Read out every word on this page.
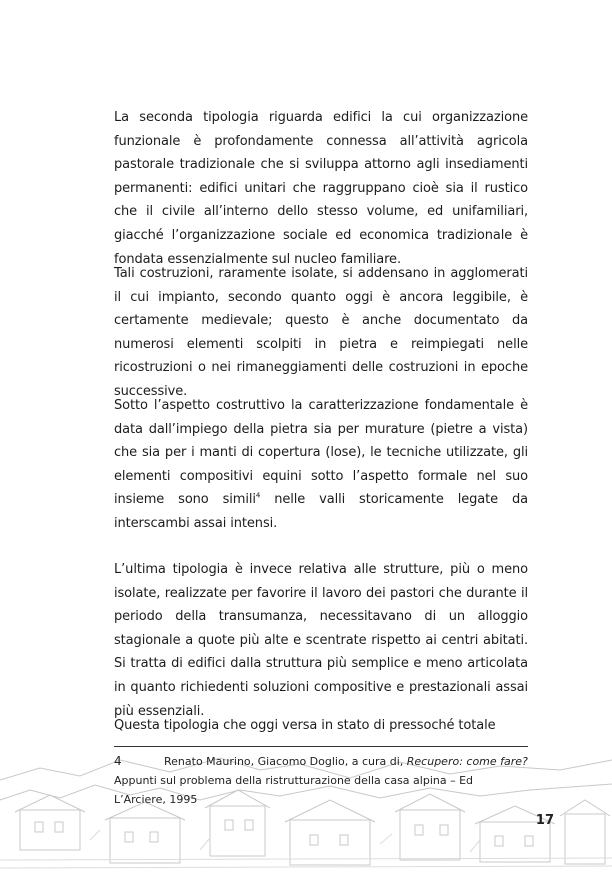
La seconda tipologia riguarda edifici la cui organizzazione funzionale è profondamente connessa all’attività agricola pastorale tradizionale che si sviluppa attorno agli insediamenti permanenti: edifici unitari che raggruppano cioè sia il rustico che il civile all’interno dello stesso volume, ed unifamiliari, giacché l’organizzazione sociale ed economica tradizionale è fondata essenzialmente sul nucleo familiare.

Tali costruzioni, raramente isolate, si addensano in agglomerati il cui impianto, secondo quanto oggi è ancora leggibile, è certamente medievale; questo è anche documentato da numerosi elementi scolpiti in pietra e reimpiegati nelle ricostruzioni o nei rimaneggiamenti delle costruzioni in epoche successive.

Sotto l’aspetto costruttivo la caratterizzazione fondamentale è data dall’impiego della pietra sia per murature (pietre a vista) che sia per i manti di copertura (lose), le tecniche utilizzate, gli elementi compositivi equini sotto l’aspetto formale nel suo insieme sono simili$^4$ nelle valli storicamente legate da interscambi assai intensi.

L’ultima tipologia è invece relativa alle strutture, più o meno isolate, realizzate per favorire il lavoro dei pastori che durante il periodo della transumanza, necessitavano di un alloggio stagionale a quote più alte e scentrate rispetto ai centri abitati. Si tratta di edifici dalla struttura più semplice e meno articolata in quanto richiedenti soluzioni compositive e prestazionali assai più essenziali.

Questa tipologia che oggi versa in stato di pressoché totale

4	Renato Maurino, Giacomo Doglio, a cura di, Recupero: come fare? Appunti sul problema della ristrutturazione della casa alpina – Ed L’Arciere, 1995
17
